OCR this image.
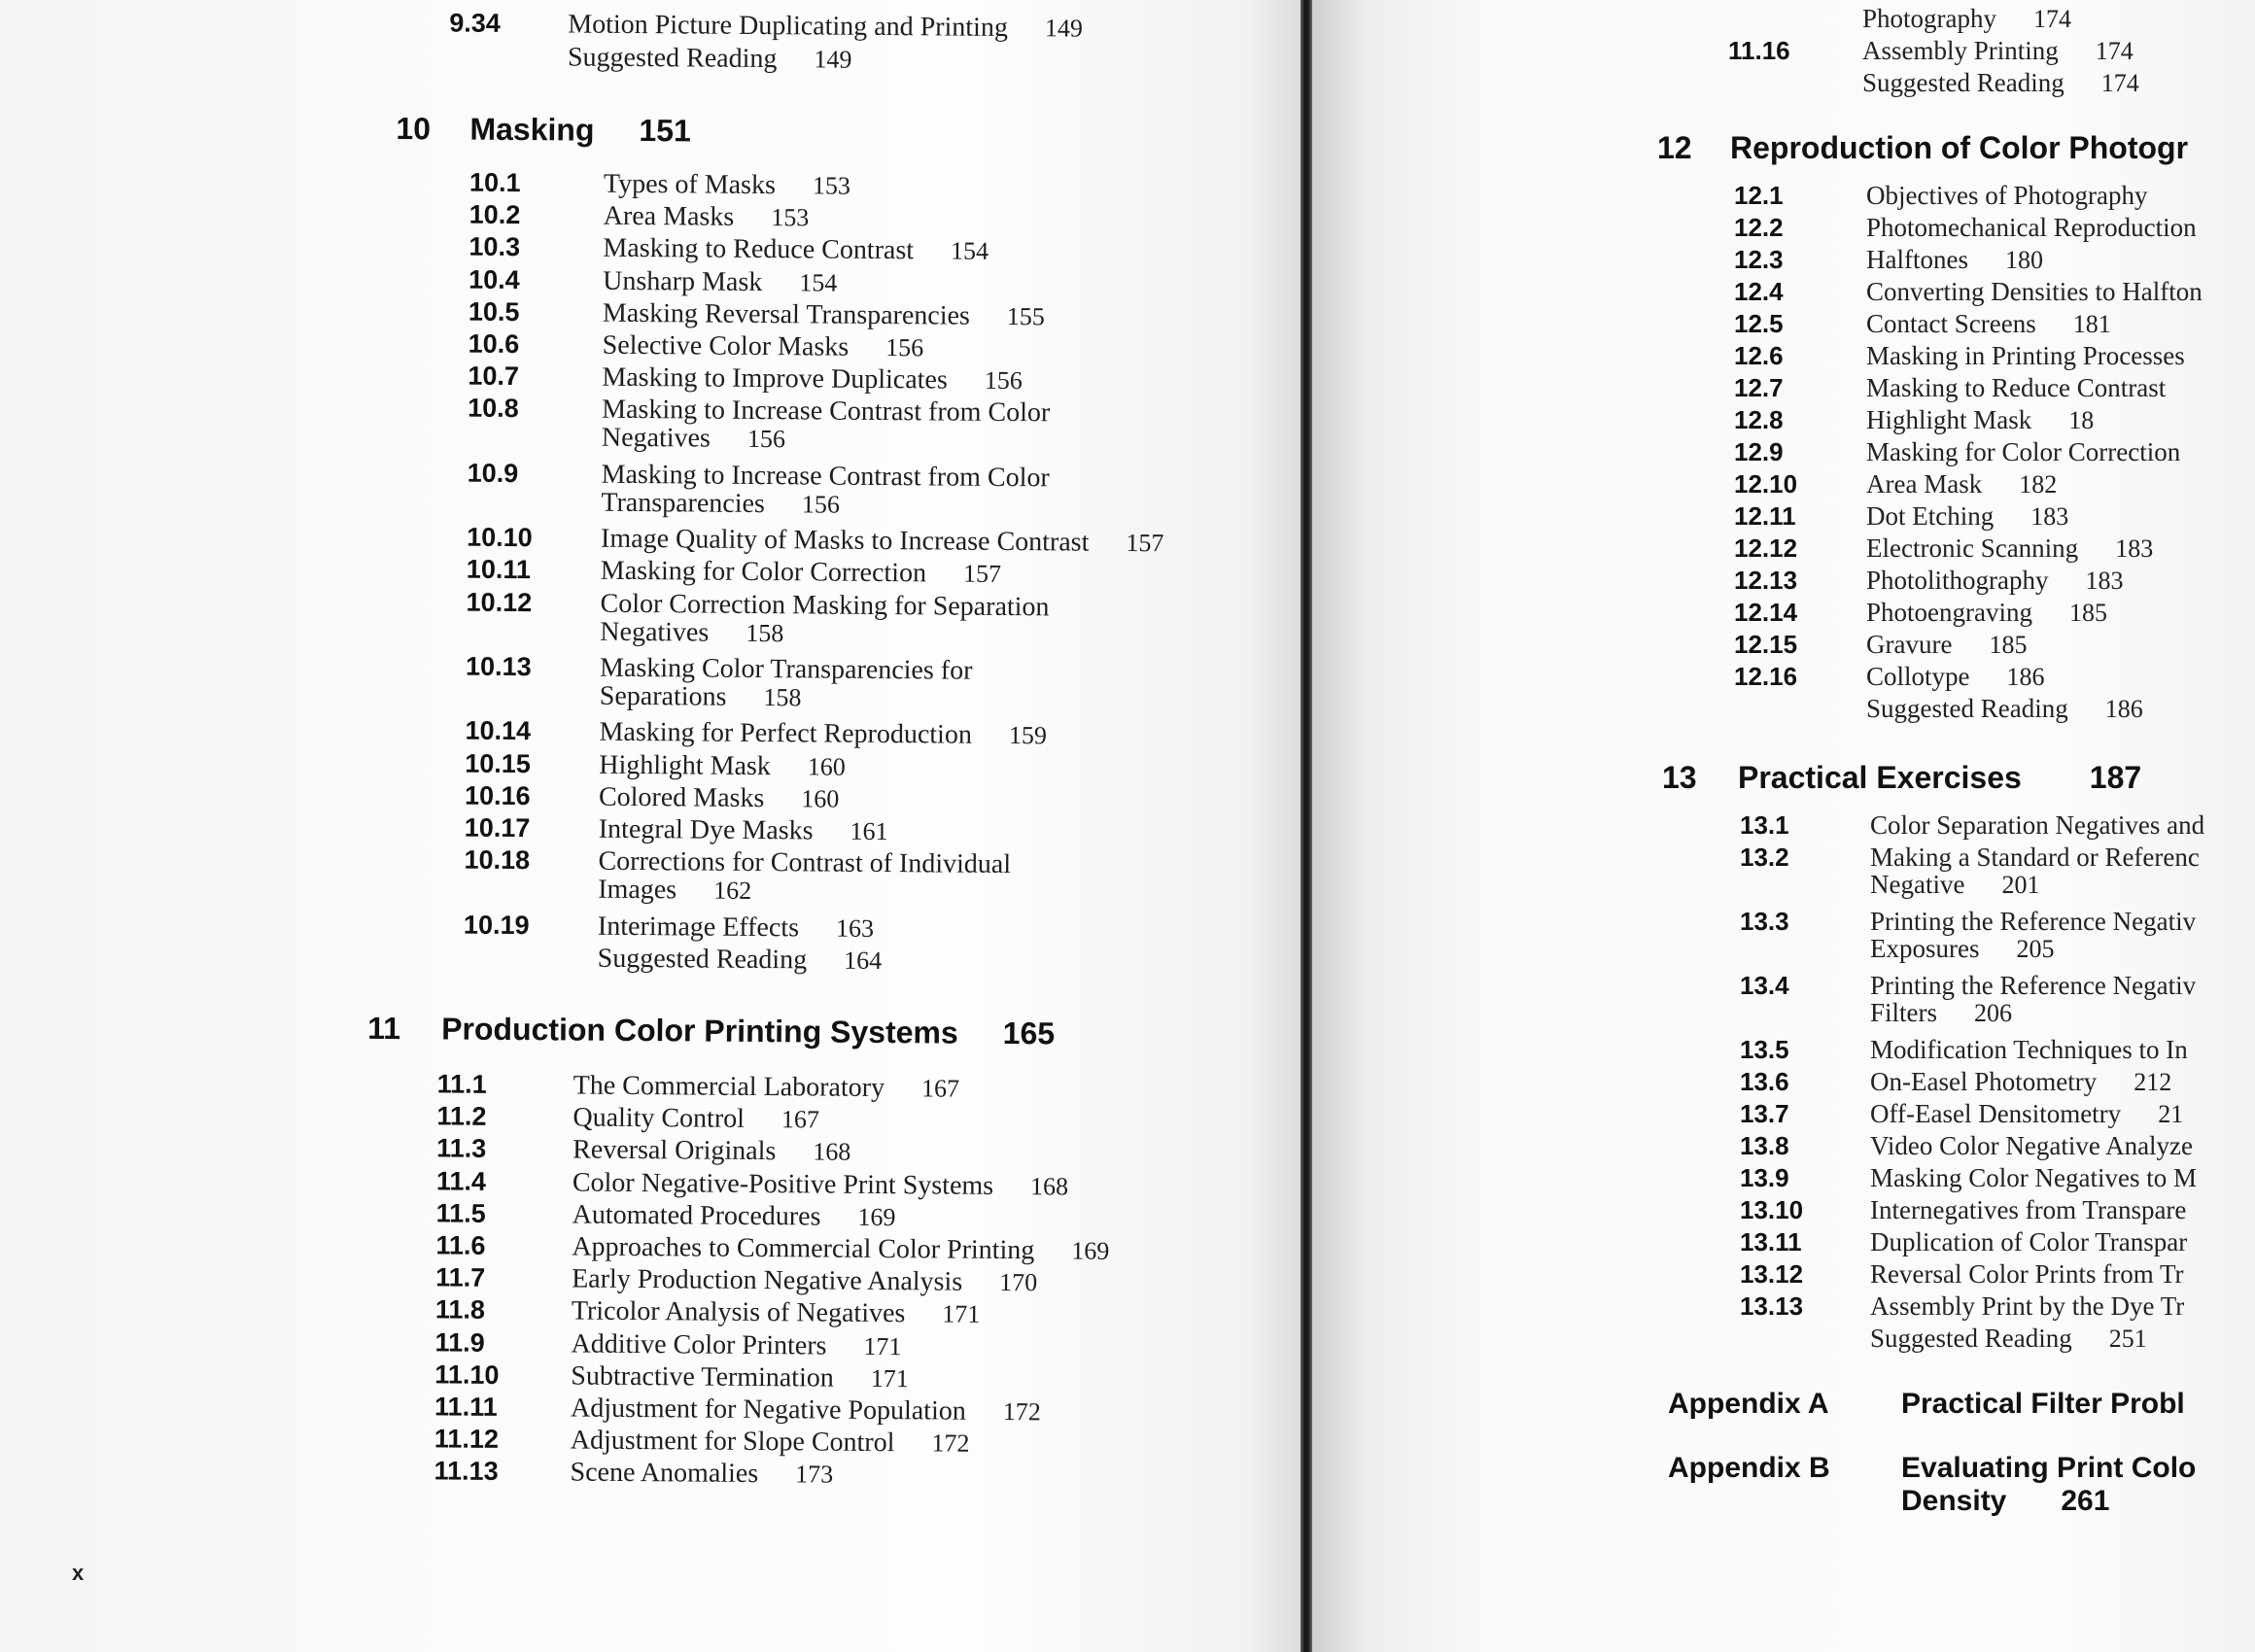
9.34 Motion Picture Duplicating and Printing 149
Suggested Reading 149
10 Masking 151
10.1	Types of Masks 153
10.2	Area Masks 153
10.3	Masking to Reduce Contrast 154
10.4	Unsharp Mask 154
10.5	Masking Reversal Transparencies 155
10.6	Selective Color Masks 156
10.7	Masking to Improve Duplicates 156
10.8	Masking to Increase Contrast from Color
Negatives 156
10.9	Masking to Increase Contrast from Color
Transparencies 156
10.10	Image Quality of Masks to Increase Contrast 157
10.11	Masking for Color Correction 157
10.12	Color Correction Masking for Separation
Negatives 158
10.13	Masking Color Transparencies for
Separations 158
10.14	Masking for Perfect Reproduction 159
10.15	Highlight Mask 160
10.16	Colored Masks 160
10.17	Integral Dye Masks 161
10.18	Corrections for Contrast of Individual
Images 162
10.19	Interimage Effects 163
Suggested Reading 164
11 Production Color Printing Systems 165
11.1	The Commercial Laboratory 167
11.2	Quality Control 167
11.3	Reversal Originals 168
11.4	Color Negative-Positive Print Systems 168
11.5	Automated Procedures 169
11.6	Approaches to Commercial Color Printing 169
11.7	Early Production Negative Analysis 170
11.8	Tricolor Analysis of Negatives 171
11.9	Additive Color Printers 171
11.10	Subtractive Termination 171
11.11	Adjustment for Negative Population 172
11.12	Adjustment for Slope Control 172
11.13	Scene Anomalies 173
x
Photography 174
11.16	Assembly Printing 174
Suggested Reading 174
12 Reproduction of Color Photogr
12.1	Objectives of Photography
12.2	Photomechanical Reproduction
12.3	Halftones 180
12.4	Converting Densities to Halfton
12.5	Contact Screens 181
12.6	Masking in Printing Processes
12.7	Masking to Reduce Contrast
12.8	Highlight Mask 18
12.9	Masking for Color Correction
12.10	Area Mask 182
12.11	Dot Etching 183
12.12	Electronic Scanning 183
12.13	Photolithography 183
12.14	Photoengraving 185
12.15	Gravure 185
12.16	Collotype 186
Suggested Reading 186
13 Practical Exercises 187
13.1	Color Separation Negatives and
13.2	Making a Standard or Referenc
Negative 201
13.3	Printing the Reference Negativ
Exposures 205
13.4	Printing the Reference Negativ
Filters 206
13.5	Modification Techniques to In
13.6	On-Easel Photometry 212
13.7	Off-Easel Densitometry 21
13.8	Video Color Negative Analyze
13.9	Masking Color Negatives to M
13.10	Internegatives from Transpare
13.11	Duplication of Color Transpar
13.12	Reversal Color Prints from Tr
13.13	Assembly Print by the Dye Tr
Suggested Reading 251
Appendix A Practical Filter Probl
Appendix B Evaluating Print Colo
Density 261
